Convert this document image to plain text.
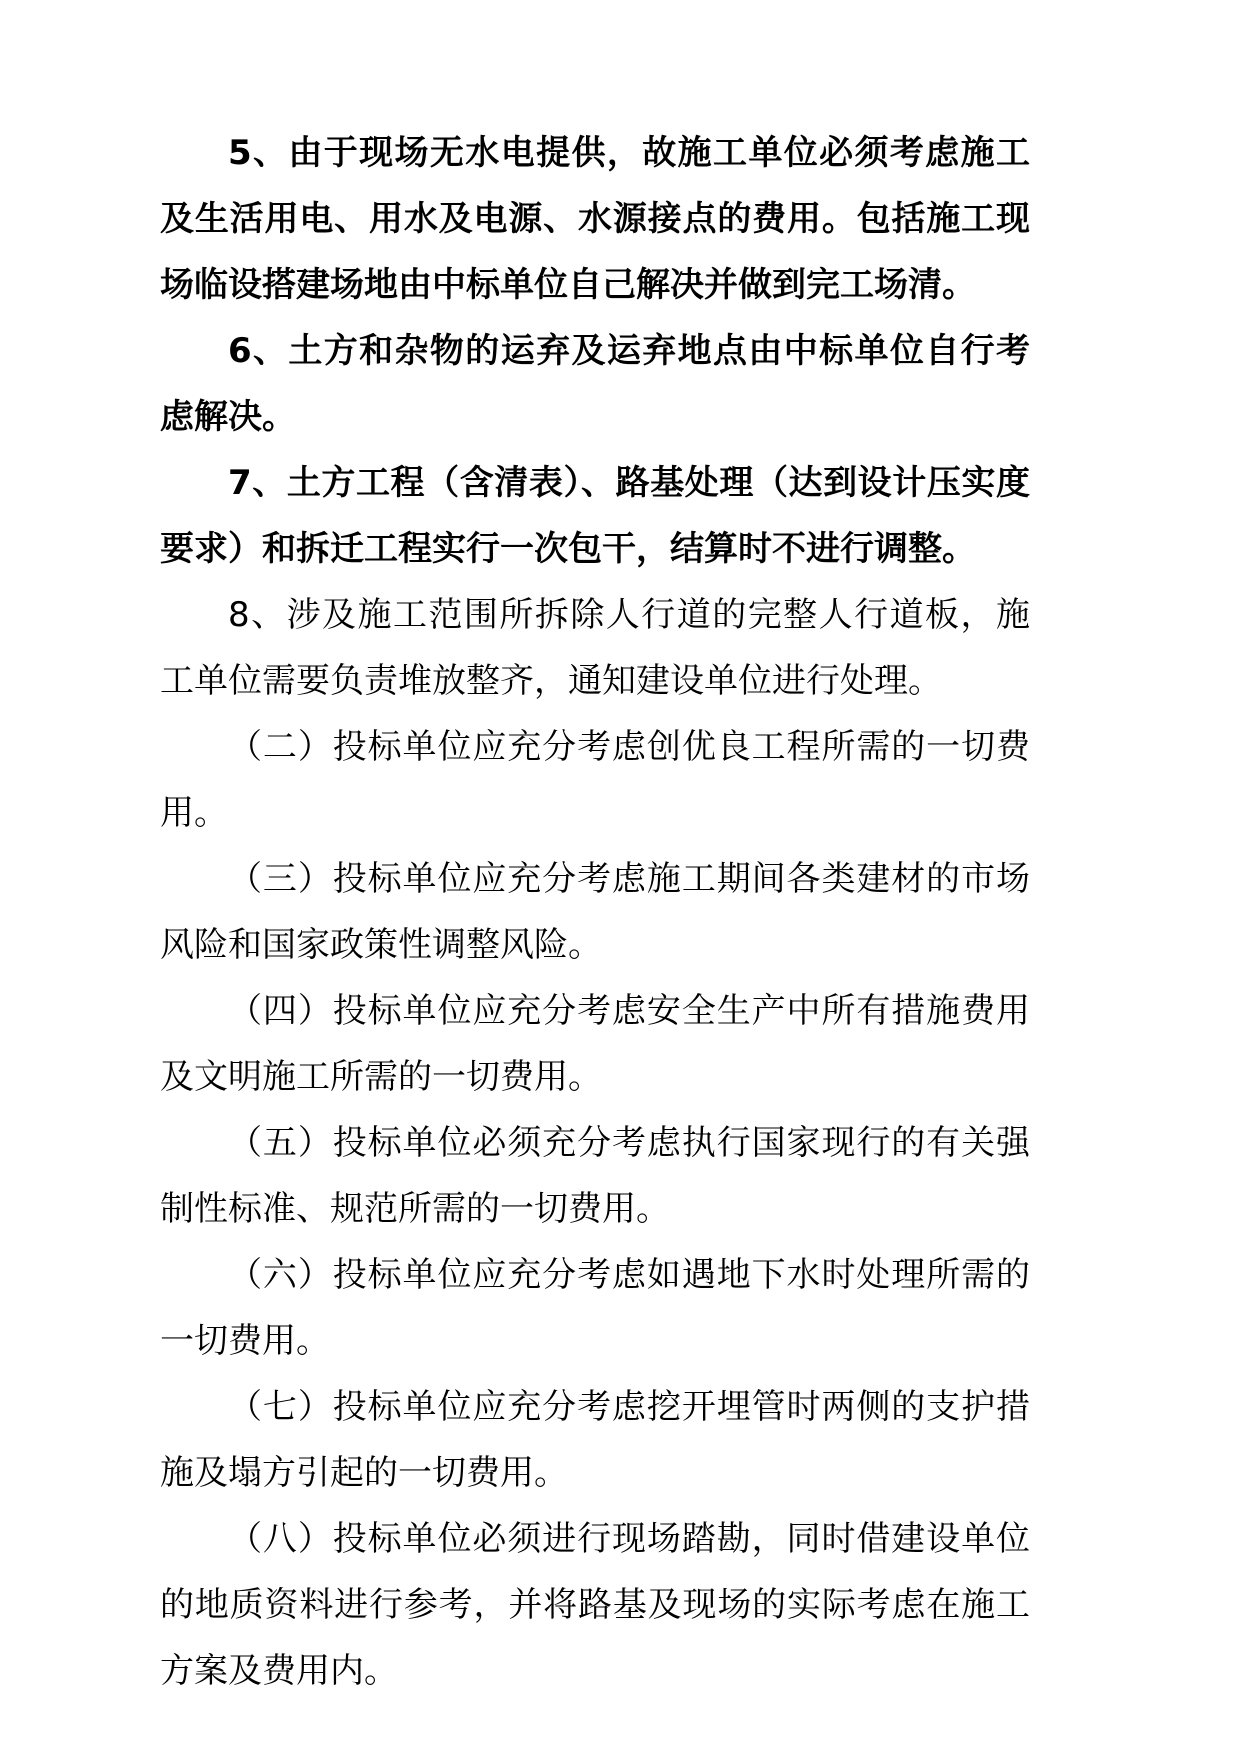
5、由于现场无水电提供，故施工单位必须考虑施工及生活用电、用水及电源、水源接点的费用。包括施工现场临设搭建场地由中标单位自己解决并做到完工场清。

6、土方和杂物的运弃及运弃地点由中标单位自行考虑解决。

7、土方工程（含清表）、路基处理（达到设计压实度要求）和拆迁工程实行一次包干，结算时不进行调整。

8、涉及施工范围所拆除人行道的完整人行道板，施工单位需要负责堆放整齐，通知建设单位进行处理。

（二）投标单位应充分考虑创优良工程所需的一切费用。

（三）投标单位应充分考虑施工期间各类建材的市场风险和国家政策性调整风险。

（四）投标单位应充分考虑安全生产中所有措施费用及文明施工所需的一切费用。

（五）投标单位必须充分考虑执行国家现行的有关强制性标准、规范所需的一切费用。

（六）投标单位应充分考虑如遇地下水时处理所需的一切费用。

（七）投标单位应充分考虑挖开埋管时两侧的支护措施及塌方引起的一切费用。

（八）投标单位必须进行现场踏勘，同时借建设单位的地质资料进行参考，并将路基及现场的实际考虑在施工方案及费用内。
